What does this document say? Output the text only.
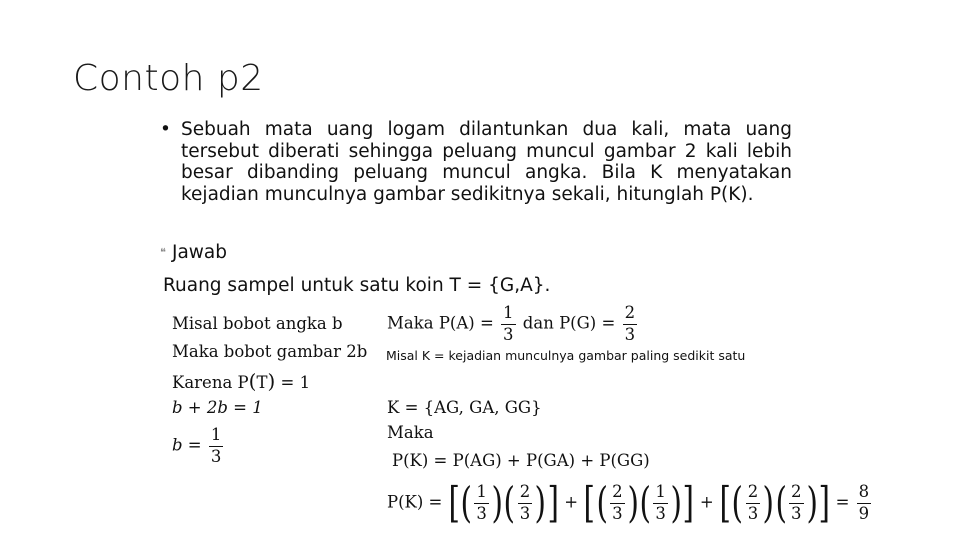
Contoh p2
• Sebuah mata uang logam dilantunkan dua kali, mata uang tersebut diberati sehingga peluang muncul gambar 2 kali lebih besar dibanding peluang muncul angka. Bila K menyatakan kejadian munculnya gambar sedikitnya sekali, hitunglah P(K).
❝ Jawab
Ruang sampel untuk satu koin T = {G,A}.
Misal bobot angka b
Maka bobot gambar 2b
Karena P(T) = 1
b + 2b = 1
$b = \frac{1}{3}$
Maka $P(A) = \frac{1}{3}$ dan $P(G) = \frac{2}{3}$
Misal K = kejadian munculnya gambar paling sedikit satu
K = {AG, GA, GG}
Maka
P(K) = P(AG) + P(GA) + P(GG)
P(K) = [( $\frac{1}{3}$ )( $\frac{2}{3}$ )] + [( $\frac{2}{3}$ )( $\frac{1}{3}$ )] + [( $\frac{2}{3}$ )( $\frac{2}{3}$ )] = $\frac{8}{9}$
